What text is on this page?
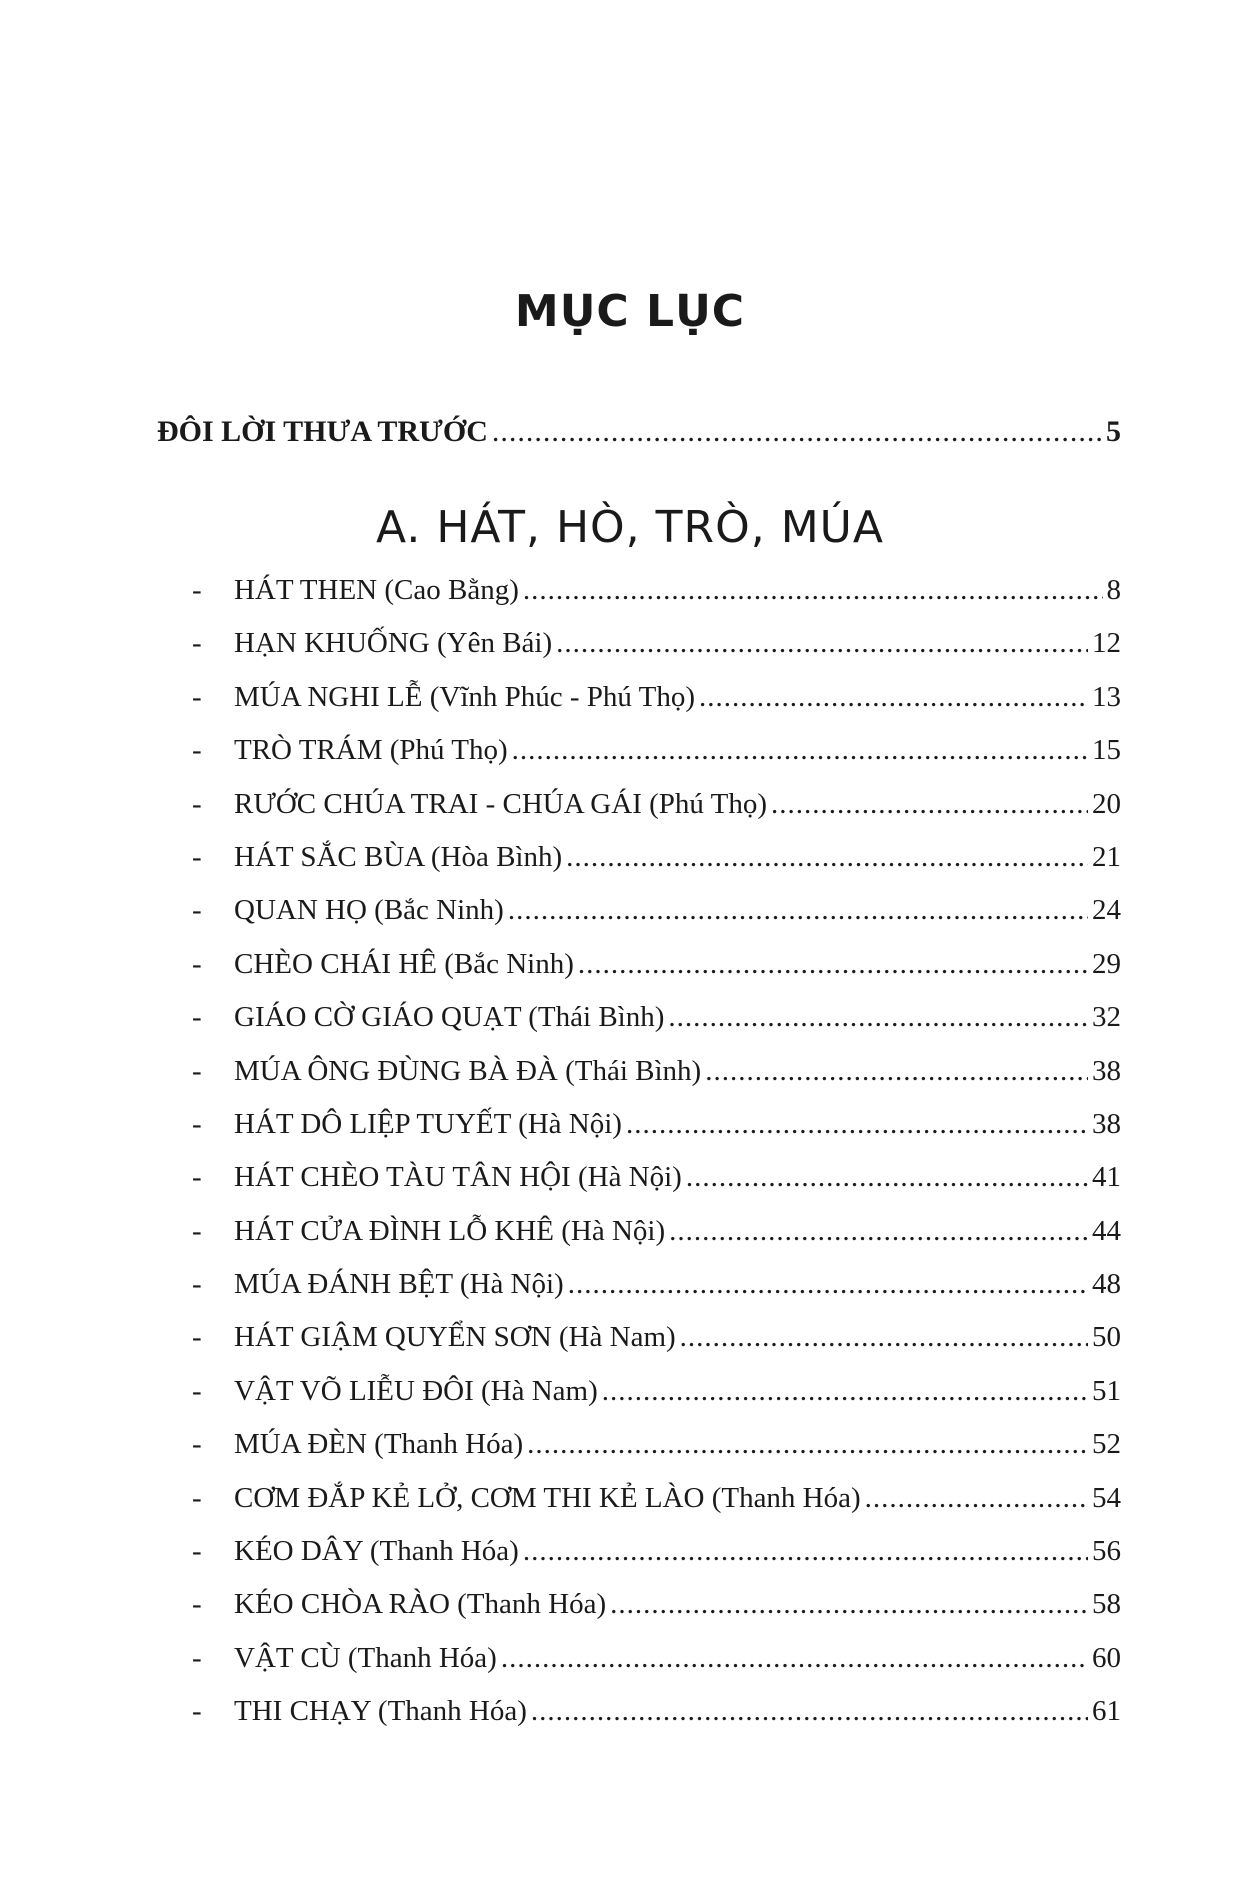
MỤC LỤC
ĐÔI LỜI THƯA TRƯỚC .....	5
A. HÁT, HÒ, TRÒ, MÚA
-	HÁT THEN (Cao Bằng) .....	8
-	HẠN KHUỐNG (Yên Bái) .....	12
-	MÚA NGHI LỄ (Vĩnh Phúc - Phú Thọ) .....	13
-	TRÒ TRÁM (Phú Thọ) .....	15
-	RƯỚC CHÚA TRAI - CHÚA GÁI (Phú Thọ) .....	20
-	HÁT SẮC BÙA (Hòa Bình) .....	21
-	QUAN HỌ (Bắc Ninh) .....	24
-	CHÈO CHÁI HÊ (Bắc Ninh) .....	29
-	GIÁO CỜ GIÁO QUẠT (Thái Bình) .....	32
-	MÚA ÔNG ĐÙNG BÀ ĐÀ (Thái Bình) .....	38
-	HÁT DÔ LIỆP TUYẾT (Hà Nội) .....	38
-	HÁT CHÈO TÀU TÂN HỘI (Hà Nội) .....	41
-	HÁT CỬA ĐÌNH LỖ KHÊ (Hà Nội) .....	44
-	MÚA ĐÁNH BỆT (Hà Nội) .....	48
-	HÁT GIẬM QUYỂN SƠN (Hà Nam) .....	50
-	VẬT VÕ LIỄU ĐÔI (Hà Nam) .....	51
-	MÚA ĐÈN (Thanh Hóa) .....	52
-	CƠM ĐẮP KẺ LỞ, CƠM THI KẺ LÀO (Thanh Hóa) .....	54
-	KÉO DÂY (Thanh Hóa) .....	56
-	KÉO CHÒA RÀO (Thanh Hóa) .....	58
-	VẬT CÙ (Thanh Hóa) .....	60
-	THI CHẠY (Thanh Hóa) .....	61
